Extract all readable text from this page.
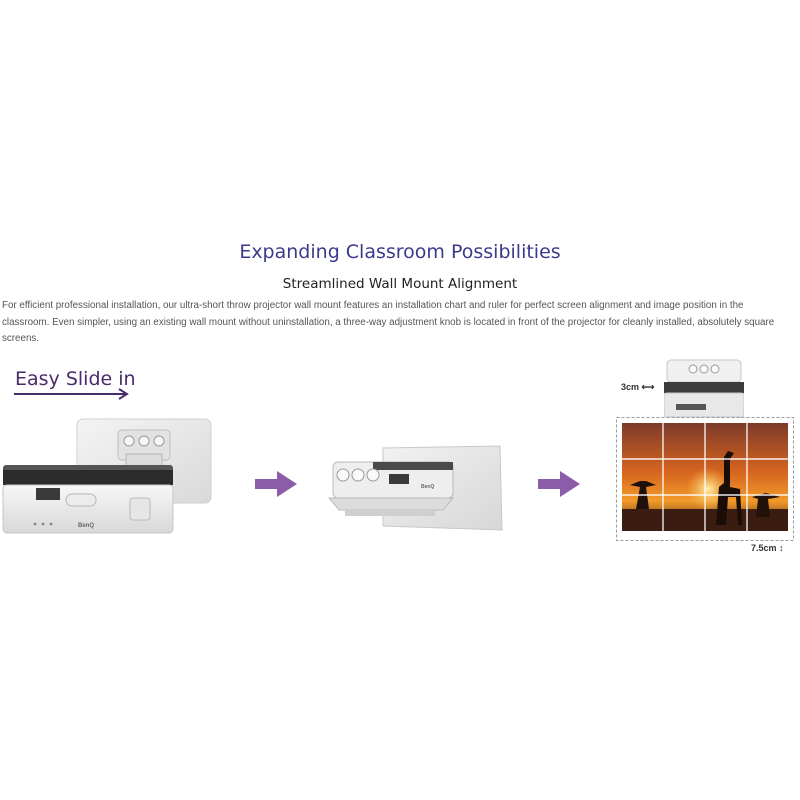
Expanding Classroom Possibilities
Streamlined Wall Mount Alignment

For efficient professional installation, our ultra-short throw projector wall mount features an installation chart and ruler for perfect screen alignment and image position in the classroom. Even simpler, using an existing wall mount without uninstallation, a three-way adjustment knob is located in front of the projector for cleanly installed, absolutely square screens.

Easy Slide in
BenQ
BenQ
3cm ⟷
7.5cm ↕
